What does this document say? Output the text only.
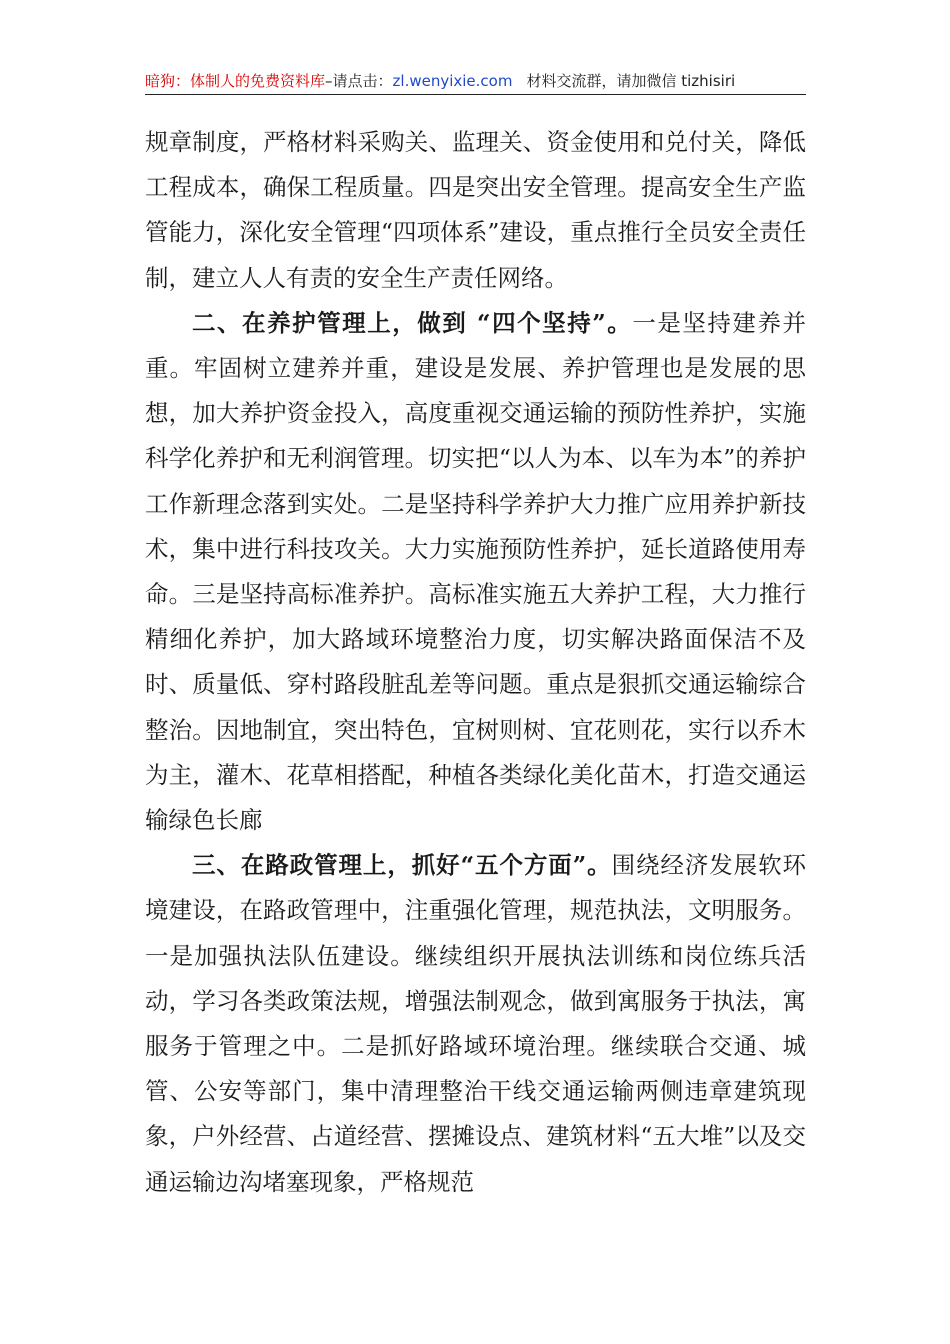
暗狗：体制人的免费资料库–请点击：zl.wenyixie.com 材料交流群，请加微信 tizhisiri

规章制度，严格材料采购关、监理关、资金使用和兑付关，降低工程成本，确保工程质量。四是突出安全管理。提高安全生产监管能力，深化安全管理“四项体系”建设，重点推行全员安全责任制，建立人人有责的安全生产责任网络。

二、在养护管理上，做到 “四个坚持”。一是坚持建养并重。牢固树立建养并重，建设是发展、养护管理也是发展的思想，加大养护资金投入，高度重视交通运输的预防性养护，实施科学化养护和无利润管理。切实把“以人为本、以车为本”的养护工作新理念落到实处。二是坚持科学养护大力推广应用养护新技术，集中进行科技攻关。大力实施预防性养护，延长道路使用寿命。三是坚持高标准养护。高标准实施五大养护工程，大力推行精细化养护，加大路域环境整治力度，切实解决路面保洁不及时、质量低、穿村路段脏乱差等问题。重点是狠抓交通运输综合整治。因地制宜，突出特色，宜树则树、宜花则花，实行以乔木为主，灌木、花草相搭配，种植各类绿化美化苗木，打造交通运输绿色长廊

三、在路政管理上，抓好“五个方面”。围绕经济发展软环境建设，在路政管理中，注重强化管理，规范执法，文明服务。一是加强执法队伍建设。继续组织开展执法训练和岗位练兵活动，学习各类政策法规，增强法制观念，做到寓服务于执法，寓服务于管理之中。二是抓好路域环境治理。继续联合交通、城管、公安等部门，集中清理整治干线交通运输两侧违章建筑现象，户外经营、占道经营、摆摊设点、建筑材料“五大堆”以及交通运输边沟堵塞现象，严格规范
